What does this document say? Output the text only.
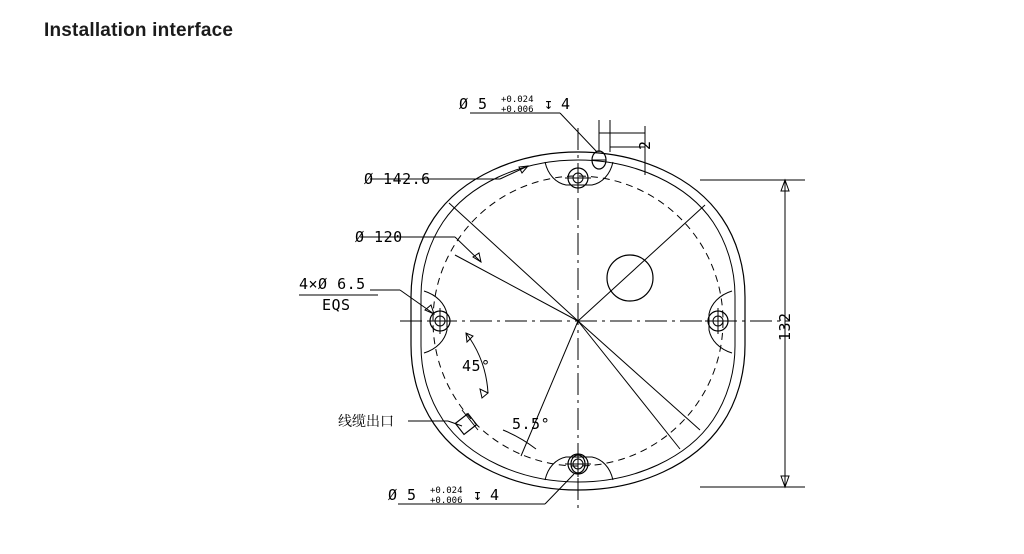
Installation interface
Ø 5 +0.024
+0.006 ↧ 4
Ø 142.6
Ø 120
4×Ø 6.5
EQS
线缆出口
45°
5.5°
132
2
Ø 5 +0.024
+0.006 ↧ 4
